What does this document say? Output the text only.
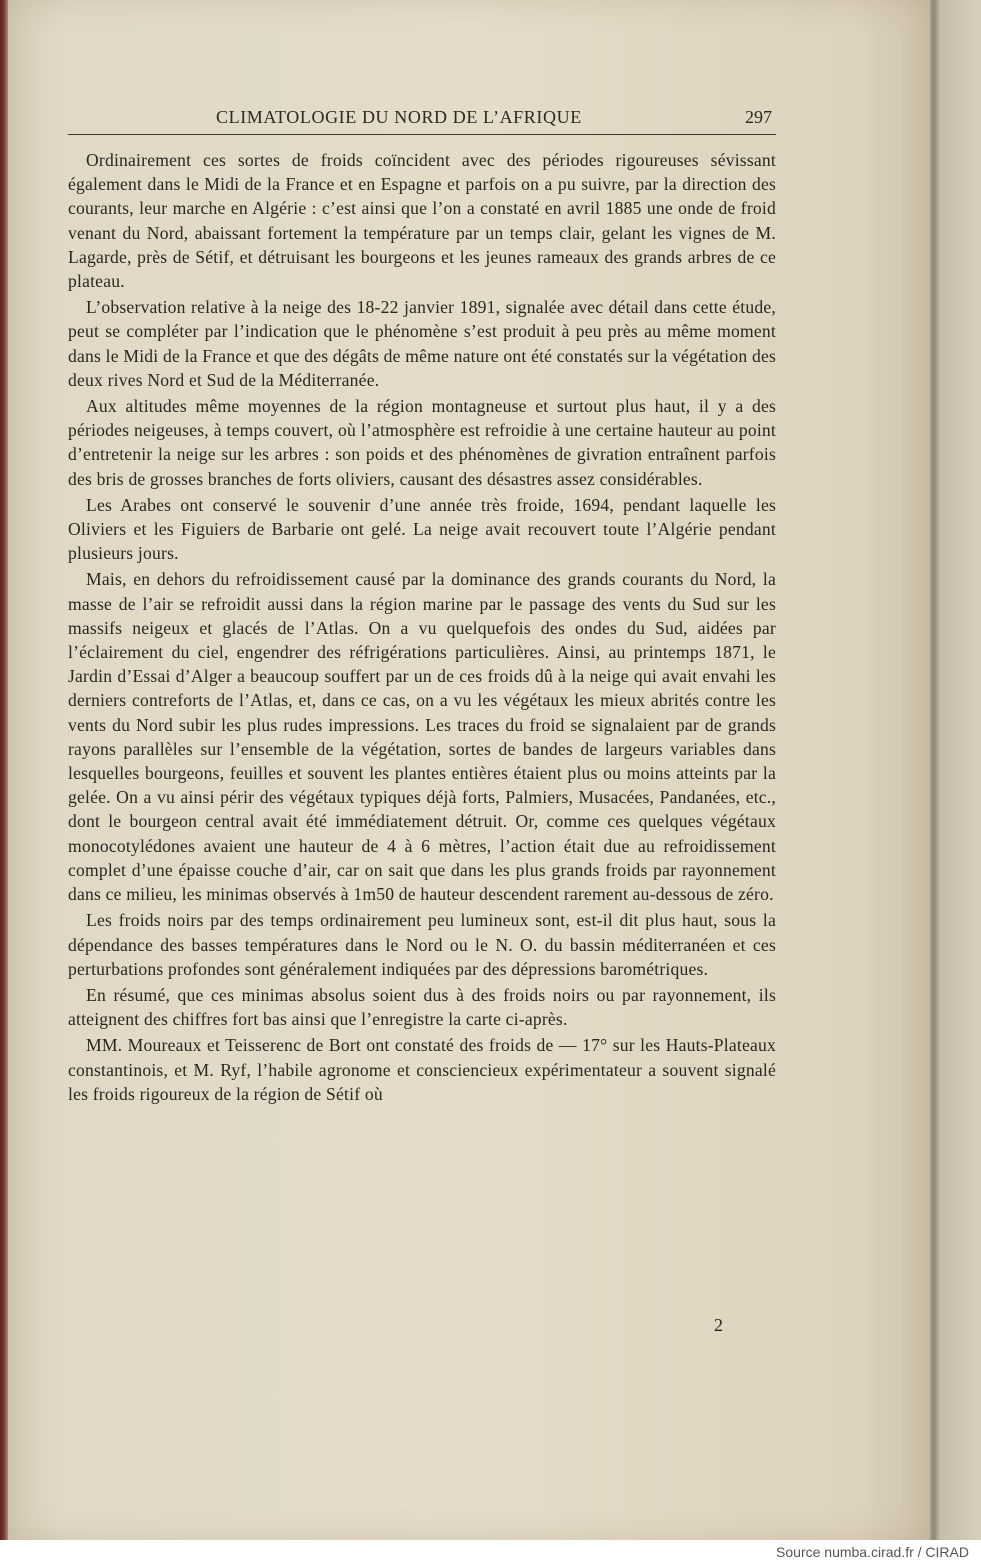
CLIMATOLOGIE DU NORD DE L’AFRIQUE	297

Ordinairement ces sortes de froids coïncident avec des périodes rigoureuses sévissant également dans le Midi de la France et en Espagne et parfois on a pu suivre, par la direction des courants, leur marche en Algérie : c’est ainsi que l’on a constaté en avril 1885 une onde de froid venant du Nord, abaissant fortement la température par un temps clair, gelant les vignes de M. Lagarde, près de Sétif, et détruisant les bourgeons et les jeunes rameaux des grands arbres de ce plateau.

L’observation relative à la neige des 18-22 janvier 1891, signalée avec détail dans cette étude, peut se compléter par l’indication que le phénomène s’est produit à peu près au même moment dans le Midi de la France et que des dégâts de même nature ont été constatés sur la végétation des deux rives Nord et Sud de la Méditerranée.

Aux altitudes même moyennes de la région montagneuse et surtout plus haut, il y a des périodes neigeuses, à temps couvert, où l’atmosphère est refroidie à une certaine hauteur au point d’entretenir la neige sur les arbres : son poids et des phénomènes de givration entraînent parfois des bris de grosses branches de forts oliviers, causant des désastres assez considérables.

Les Arabes ont conservé le souvenir d’une année très froide, 1694, pendant laquelle les Oliviers et les Figuiers de Barbarie ont gelé. La neige avait recouvert toute l’Algérie pendant plusieurs jours.

Mais, en dehors du refroidissement causé par la dominance des grands courants du Nord, la masse de l’air se refroidit aussi dans la région marine par le passage des vents du Sud sur les massifs neigeux et glacés de l’Atlas. On a vu quelquefois des ondes du Sud, aidées par l’éclairement du ciel, engendrer des réfrigérations particulières. Ainsi, au printemps 1871, le Jardin d’Essai d’Alger a beaucoup souffert par un de ces froids dû à la neige qui avait envahi les derniers contreforts de l’Atlas, et, dans ce cas, on a vu les végétaux les mieux abrités contre les vents du Nord subir les plus rudes impressions. Les traces du froid se signalaient par de grands rayons parallèles sur l’ensemble de la végétation, sortes de bandes de largeurs variables dans lesquelles bourgeons, feuilles et souvent les plantes entières étaient plus ou moins atteints par la gelée. On a vu ainsi périr des végétaux typiques déjà forts, Palmiers, Musacées, Pandanées, etc., dont le bourgeon central avait été immédiatement détruit. Or, comme ces quelques végétaux monocotylédones avaient une hauteur de 4 à 6 mètres, l’action était due au refroidissement complet d’une épaisse couche d’air, car on sait que dans les plus grands froids par rayonnement dans ce milieu, les minimas observés à 1m50 de hauteur descendent rarement au-dessous de zéro.

Les froids noirs par des temps ordinairement peu lumineux sont, est-il dit plus haut, sous la dépendance des basses températures dans le Nord ou le N. O. du bassin méditerranéen et ces perturbations profondes sont généralement indiquées par des dépressions barométriques.

En résumé, que ces minimas absolus soient dus à des froids noirs ou par rayonnement, ils atteignent des chiffres fort bas ainsi que l’enregistre la carte ci-après.

MM. Moureaux et Teisserenc de Bort ont constaté des froids de — 17° sur les Hauts-Plateaux constantinois, et M. Ryf, l’habile agronome et consciencieux expérimentateur a souvent signalé les froids rigoureux de la région de Sétif où

2
Source numba.cirad.fr / CIRAD
